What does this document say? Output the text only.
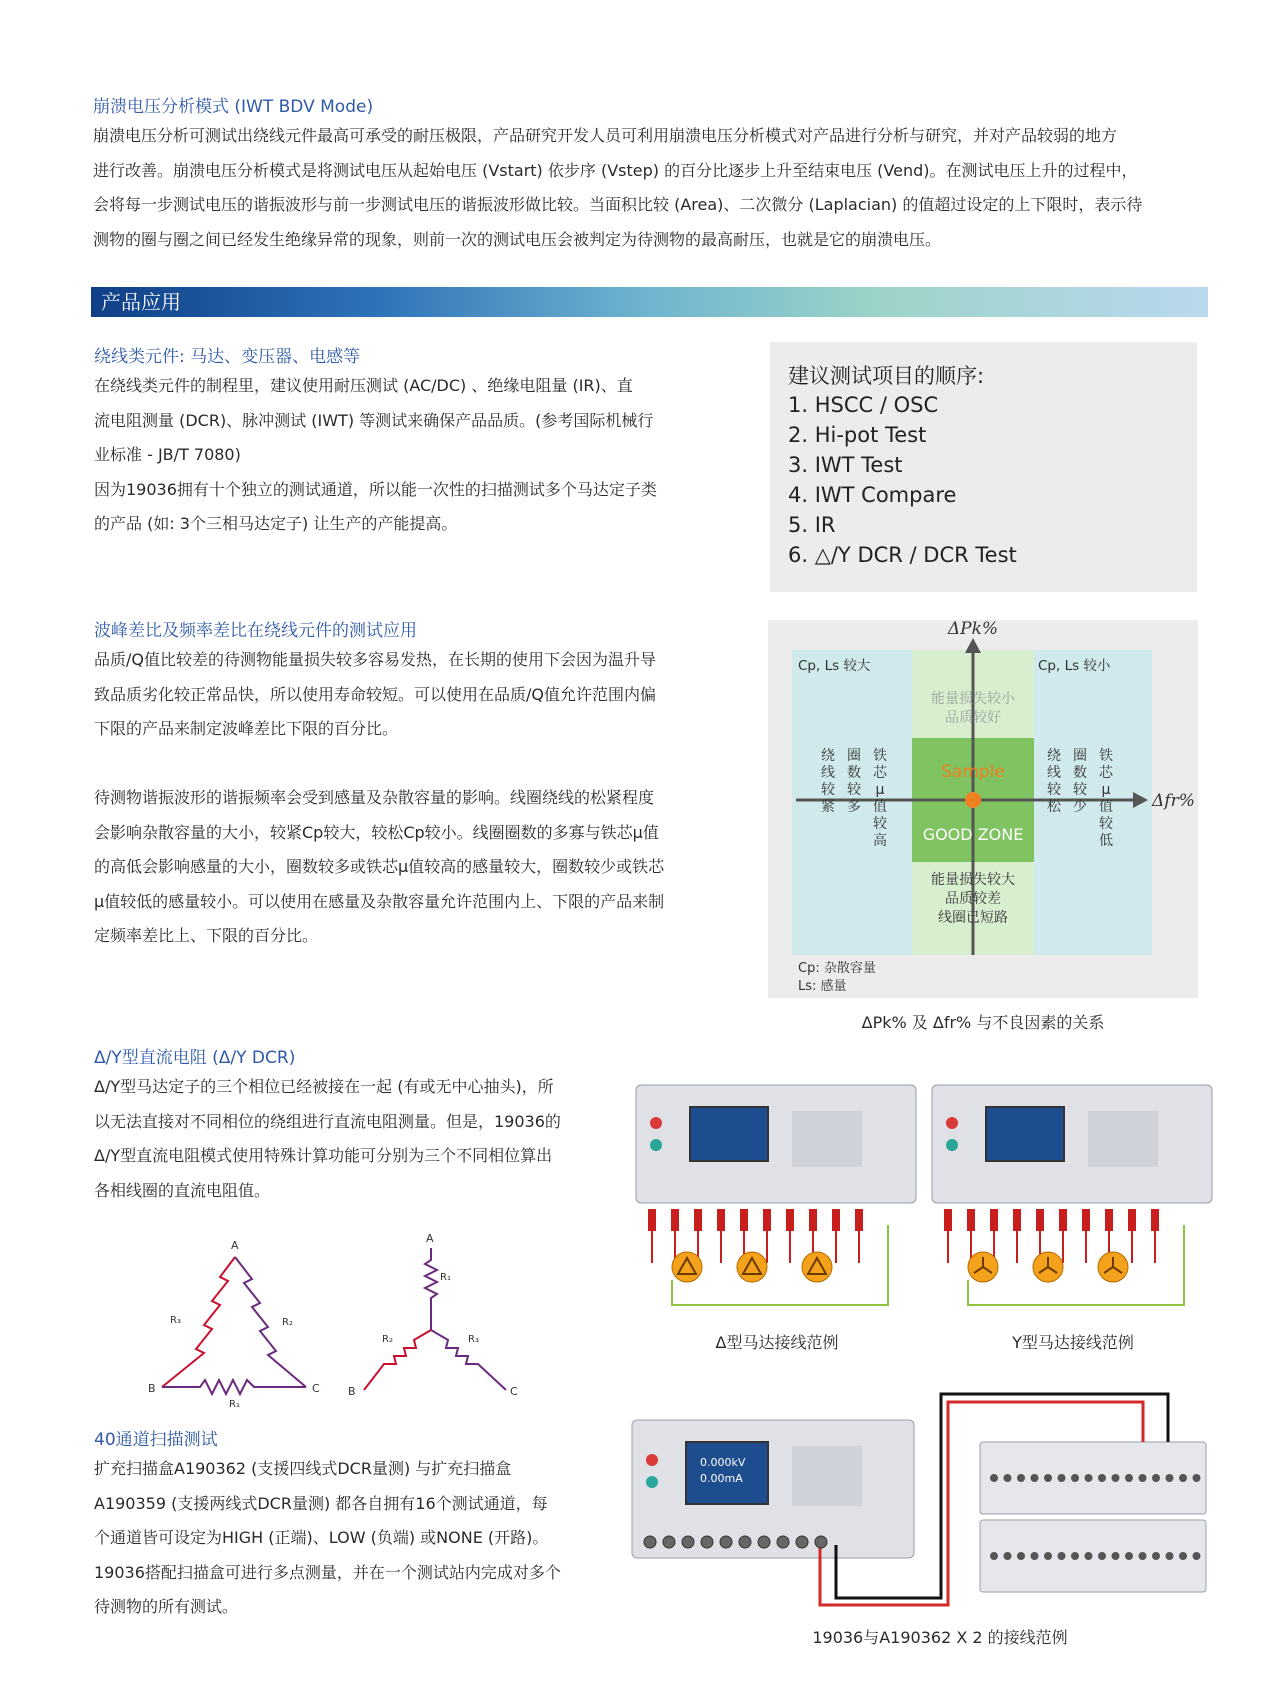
崩溃电压分析模式 (IWT BDV Mode)

崩溃电压分析可测试出绕线元件最高可承受的耐压极限，产品研究开发人员可利用崩溃电压分析模式对产品进行分析与研究，并对产品较弱的地方

进行改善。崩溃电压分析模式是将测试电压从起始电压 (Vstart) 依步序 (Vstep) 的百分比逐步上升至结束电压 (Vend)。在测试电压上升的过程中，

会将每一步测试电压的谐振波形与前一步测试电压的谐振波形做比较。当面积比较 (Area)、二次微分 (Laplacian) 的值超过设定的上下限时，表示待

测物的圈与圈之间已经发生绝缘异常的现象，则前一次的测试电压会被判定为待测物的最高耐压，也就是它的崩溃电压。

产品应用
绕线类元件: 马达、变压器、电感等

在绕线类元件的制程里，建议使用耐压测试 (AC/DC) 、绝缘电阻量 (IR)、直

流电阻测量 (DCR)、脉冲测试 (IWT) 等测试来确保产品品质。(参考国际机械行

业标准 - JB/T 7080)

因为19036拥有十个独立的测试通道，所以能一次性的扫描测试多个马达定子类

的产品 (如: 3个三相马达定子) 让生产的产能提高。

建议测试项目的顺序:
1. HSCC / OSC
2. Hi-pot Test
3. IWT Test
4. IWT Compare
5. IR
6. △/Y DCR / DCR Test
波峰差比及频率差比在绕线元件的测试应用

品质/Q值比较差的待测物能量损失较多容易发热，在长期的使用下会因为温升导

致品质劣化较正常品快，所以使用寿命较短。可以使用在品质/Q值允许范围内偏

下限的产品来制定波峰差比下限的百分比。

待测物谐振波形的谐振频率会受到感量及杂散容量的影响。线圈绕线的松紧程度

会影响杂散容量的大小，较紧Cp较大，较松Cp较小。线圈圈数的多寡与铁芯μ值

的高低会影响感量的大小，圈数较多或铁芯μ值较高的感量较大，圈数较少或铁芯

μ值较低的感量较小。可以使用在感量及杂散容量允许范围内上、下限的产品来制

定频率差比上、下限的百分比。

ΔPk%
Δfr%
Cp, Ls 较大	Cp, Ls 较小
能量损失较小
品质较好
Sample
GOOD ZONE
能量损失较大
品质较差
线圈已短路
绕
线
较
紧
圈
数
较
多
铁
芯
μ
值
较
高
绕
线
较
松
圈
数
较
少
铁
芯
μ
值
较
低
Cp: 杂散容量
Ls: 感量
ΔPk% 及 Δfr% 与不良因素的关系
Δ/Y型直流电阻 (Δ/Y DCR)

Δ/Y型马达定子的三个相位已经被接在一起 (有或无中心抽头)，所

以无法直接对不同相位的绕组进行直流电阻测量。但是，19036的

Δ/Y型直流电阻模式使用特殊计算功能可分别为三个不同相位算出

各相线圈的直流电阻值。

A
B	C
R₃	R₂
R₁
A
B	C
R₁
R₂	R₃
40通道扫描测试

扩充扫描盒A190362 (支援四线式DCR量测) 与扩充扫描盒

A190359 (支援两线式DCR量测) 都各自拥有16个测试通道，每

个通道皆可设定为HIGH (正端)、LOW (负端) 或NONE (开路)。

19036搭配扫描盒可进行多点测量，并在一个测试站内完成对多个

待测物的所有测试。

Δ型马达接线范例	Y型马达接线范例
0.000kV
0.00mA
19036与A190362 X 2 的接线范例
